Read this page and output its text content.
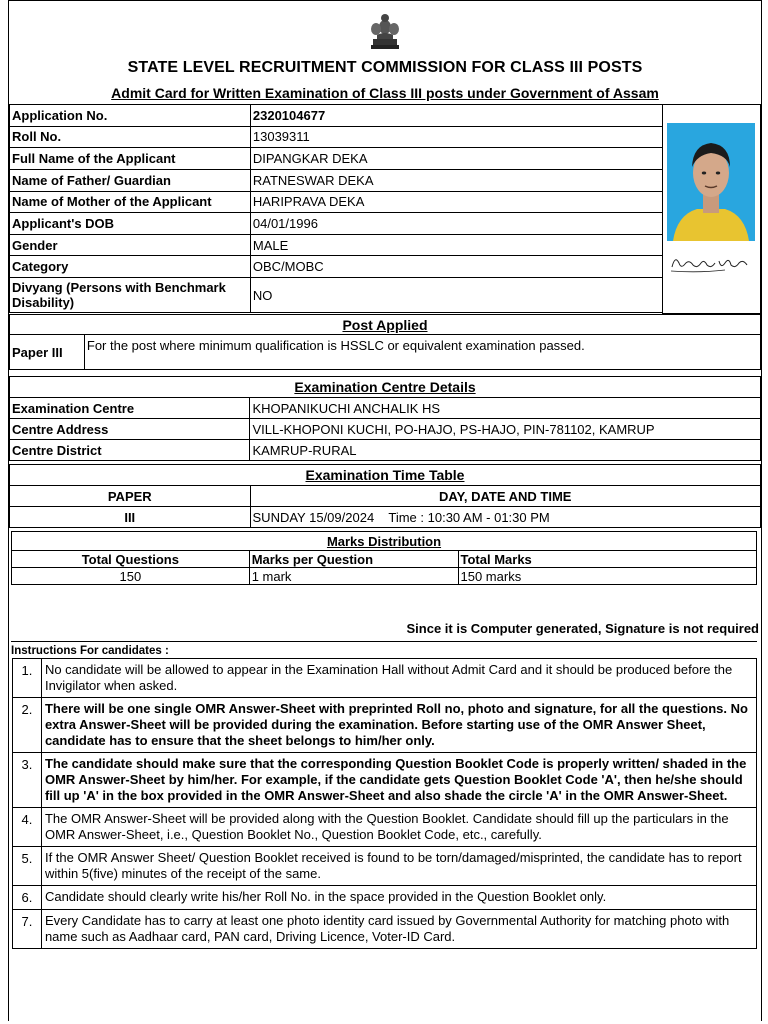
STATE LEVEL RECRUITMENT COMMISSION FOR CLASS III POSTS
Admit Card for Written Examination of Class III posts under Government of Assam
Application No.	2320104677	

Roll No.	13039311	
Full Name of the Applicant	DIPANGKAR DEKA	
Name of Father/ Guardian	RATNESWAR DEKA	
Name of Mother of the Applicant	HARIPRAVA DEKA	
Applicant's DOB	04/01/1996	
Gender	MALE	
Category	OBC/MOBC	
Divyang (Persons with Benchmark Disability)	NO	

Post Applied
Paper III	For the post where minimum qualification is HSSLC or equivalent examination passed.
Examination Centre Details	
Examination Centre	KHOPANIKUCHI ANCHALIK HS
Centre Address	VILL-KHOPONI KUCHI, PO-HAJO, PS-HAJO, PIN-781102, KAMRUP
Centre District	KAMRUP-RURAL
Examination Time Table	
PAPER	DAY, DATE AND TIME
III	SUNDAY 15/09/2024    Time : 10:30 AM - 01:30 PM
Marks Distribution		
Total Questions	Marks per Question	Total Marks
150	1 mark	150 marks
Since it is Computer generated, Signature is not required
Instructions For candidates :
1.	No candidate will be allowed to appear in the Examination Hall without Admit Card and it should be produced before the Invigilator when asked.
2.	There will be one single OMR Answer-Sheet with preprinted Roll no, photo and signature, for all the questions. No extra Answer-Sheet will be provided during the examination. Before starting use of the OMR Answer Sheet, candidate has to ensure that the sheet belongs to him/her only.
3.	The candidate should make sure that the corresponding Question Booklet Code is properly written/ shaded in the OMR Answer-Sheet by him/her. For example, if the candidate gets Question Booklet Code 'A', then he/she should fill up 'A' in the box provided in the OMR Answer-Sheet and also shade the circle 'A' in the OMR Answer-Sheet.
4.	The OMR Answer-Sheet will be provided along with the Question Booklet. Candidate should fill up the particulars in the OMR Answer-Sheet, i.e., Question Booklet No., Question Booklet Code, etc., carefully.
5.	If the OMR Answer Sheet/ Question Booklet received is found to be torn/damaged/misprinted, the candidate has to report within 5(five) minutes of the receipt of the same.
6.	Candidate should clearly write his/her Roll No. in the space provided in the Question Booklet only.
7.	Every Candidate has to carry at least one photo identity card issued by Governmental Authority for matching photo with name such as Aadhaar card, PAN card, Driving Licence, Voter-ID Card.
